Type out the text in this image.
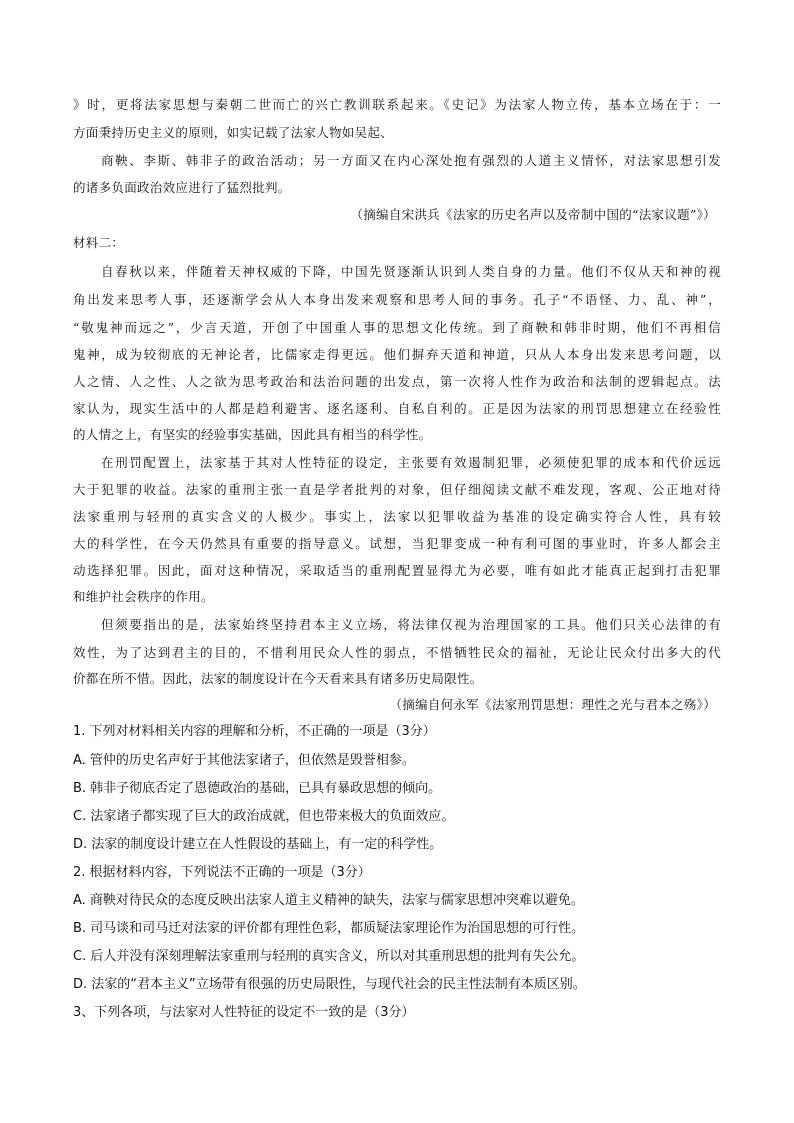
》时，更将法家思想与秦朝二世而亡的兴亡教训联系起来。《史记》为法家人物立传，基本立场在于：一
方面秉持历史主义的原则，如实记载了法家人物如吴起、
商鞅、李斯、韩非子的政治活动；另一方面又在内心深处抱有强烈的人道主义情怀，对法家思想引发
的诸多负面政治效应进行了猛烈批判。
（摘编自宋洪兵《法家的历史名声以及帝制中国的“法家议题”》）
材料二：
自春秋以来，伴随着天神权威的下降，中国先贤逐渐认识到人类自身的力量。他们不仅从天和神的视
角出发来思考人事，还逐渐学会从人本身出发来观察和思考人间的事务。孔子“不语怪、力、乱、神”，
“敬鬼神而远之”，少言天道，开创了中国重人事的思想文化传统。到了商鞅和韩非时期，他们不再相信
鬼神，成为较彻底的无神论者，比儒家走得更远。他们摒弃天道和神道，只从人本身出发来思考问题，以
人之情、人之性、人之欲为思考政治和法治问题的出发点，第一次将人性作为政治和法制的逻辑起点。法
家认为，现实生活中的人都是趋利避害、逐名逐利、自私自利的。正是因为法家的刑罚思想建立在经验性
的人情之上，有坚实的经验事实基础，因此具有相当的科学性。
在刑罚配置上，法家基于其对人性特征的设定，主张要有效遏制犯罪，必须使犯罪的成本和代价远远
大于犯罪的收益。法家的重刑主张一直是学者批判的对象，但仔细阅读文献不难发现，客观、公正地对待
法家重刑与轻刑的真实含义的人极少。事实上，法家以犯罪收益为基准的设定确实符合人性，具有较
大的科学性，在今天仍然具有重要的指导意义。试想，当犯罪变成一种有利可图的事业时，许多人都会主
动选择犯罪。因此，面对这种情况，采取适当的重刑配置显得尤为必要，唯有如此才能真正起到打击犯罪
和维护社会秩序的作用。
但须要指出的是，法家始终坚持君本主义立场，将法律仅视为治理国家的工具。他们只关心法律的有
效性，为了达到君主的目的，不惜利用民众人性的弱点，不惜牺牲民众的福祉，无论让民众付出多大的代
价都在所不惜。因此，法家的制度设计在今天看来具有诸多历史局限性。
（摘编自何永军《法家刑罚思想：理性之光与君本之殇》）
1. 下列对材料相关内容的理解和分析，不正确的一项是（3分）
A. 管仲的历史名声好于其他法家诸子，但依然是毁誉相参。
B. 韩非子彻底否定了恩德政治的基础，已具有暴政思想的倾向。
C. 法家诸子都实现了巨大的政治成就，但也带来极大的负面效应。
D. 法家的制度设计建立在人性假设的基础上，有一定的科学性。
2. 根据材料内容，下列说法不正确的一项是（3分）
A. 商鞅对待民众的态度反映出法家人道主义精神的缺失，法家与儒家思想冲突难以避免。
B. 司马谈和司马迁对法家的评价都有理性色彩，都质疑法家理论作为治国思想的可行性。
C. 后人并没有深刻理解法家重刑与轻刑的真实含义，所以对其重刑思想的批判有失公允。
D. 法家的“君本主义”立场带有很强的历史局限性，与现代社会的民主性法制有本质区别。
3、下列各项，与法家对人性特征的设定不一致的是（3分）
